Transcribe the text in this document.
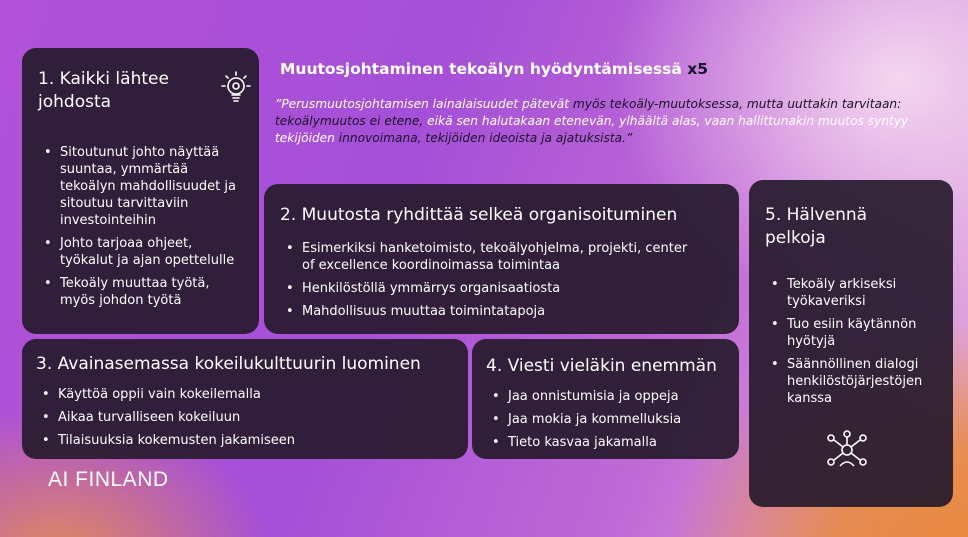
Muutosjohtaminen tekoälyn hyödyntämisessä x5

”Perusmuutosjohtamisen lainalaisuudet pätevät myös tekoäly-muutoksessa, mutta uuttakin tarvitaan: tekoälymuutos ei etene, eikä sen halutakaan etenevän, ylhäältä alas, vaan hallittunakin muutos syntyy tekijöiden innovoimana, tekijöiden ideoista ja ajatuksista.”

1. Kaikki lähtee johdosta
• Sitoutunut johto näyttää suuntaa, ymmärtää tekoälyn mahdollisuudet ja sitoutuu tarvittaviin investointeihin
• Johto tarjoaa ohjeet, työkalut ja ajan opettelulle
• Tekoäly muuttaa työtä, myös johdon työtä
2. Muutosta ryhdittää selkeä organisoituminen
• Esimerkiksi hanketoimisto, tekoälyohjelma, projekti, center of excellence koordinoimassa toimintaa
• Henkilöstöllä ymmärrys organisaatiosta
• Mahdollisuus muuttaa toimintatapoja
5. Hälvennä pelkoja
• Tekoäly arkiseksi työkaveriksi
• Tuo esiin käytännön hyötyjä
• Säännöllinen dialogi henkilöstöjärjestöjen kanssa
3. Avainasemassa kokeilukulttuurin luominen
• Käyttöä oppii vain kokeilemalla
• Aikaa turvalliseen kokeiluun
• Tilaisuuksia kokemusten jakamiseen
4. Viesti vieläkin enemmän
• Jaa onnistumisia ja oppeja
• Jaa mokia ja kommelluksia
• Tieto kasvaa jakamalla
AI FINLAND
